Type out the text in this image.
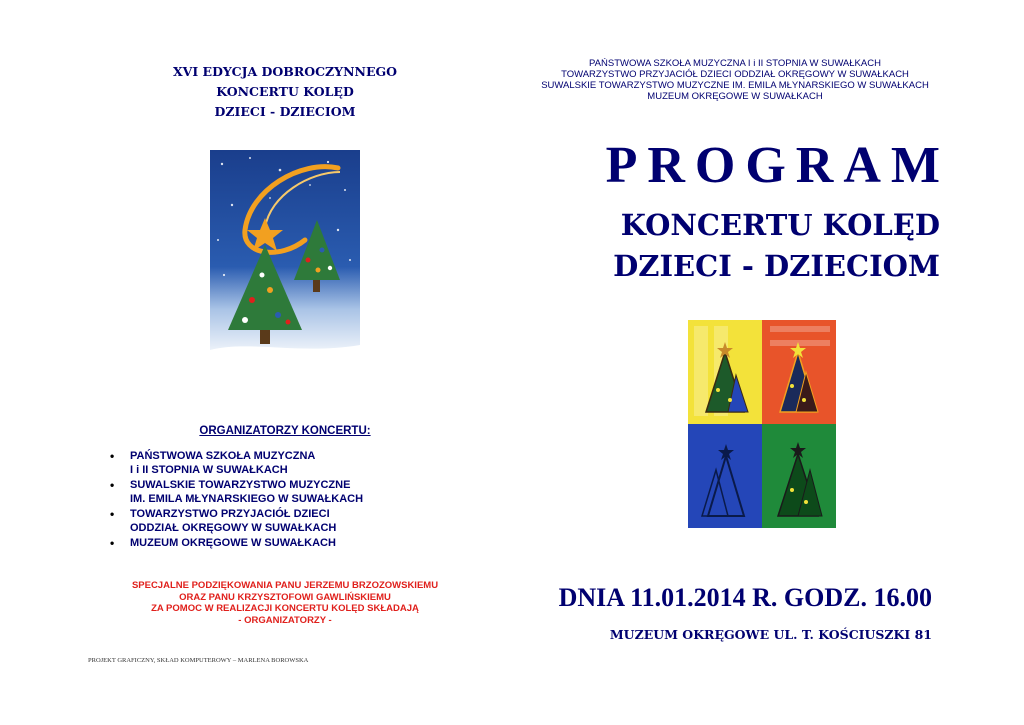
XVI EDYCJA DOBROCZYNNEGO
KONCERTU KOLĘD
DZIECI - DZIECIOM
ORGANIZATORZY KONCERTU:
• PAŃSTWOWA SZKOŁA MUZYCZNA
I i II STOPNIA W SUWAŁKACH
• SUWALSKIE TOWARZYSTWO MUZYCZNE
IM. EMILA MŁYNARSKIEGO W SUWAŁKACH
• TOWARZYSTWO PRZYJACIÓŁ DZIECI
ODDZIAŁ OKRĘGOWY W SUWAŁKACH
• MUZEUM OKRĘGOWE W SUWAŁKACH
SPECJALNE PODZIĘKOWANIA PANU JERZEMU BRZOZOWSKIEMU
ORAZ PANU KRZYSZTOFOWI GAWLIŃSKIEMU
ZA POMOC W REALIZACJI KONCERTU KOLĘD SKŁADAJĄ
- ORGANIZATORZY -
PROJEKT GRAFICZNY, SKŁAD KOMPUTEROWY – MARLENA BOROWSKA
PAŃSTWOWA SZKOŁA MUZYCZNA I i II STOPNIA W SUWAŁKACH
TOWARZYSTWO PRZYJACIÓŁ DZIECI ODDZIAŁ OKRĘGOWY W SUWAŁKACH
SUWALSKIE TOWARZYSTWO MUZYCZNE IM. EMILA MŁYNARSKIEGO W SUWAŁKACH
MUZEUM OKRĘGOWE W SUWAŁKACH
PROGRAM
KONCERTU KOLĘD
DZIECI - DZIECIOM
DNIA 11.01.2014 R. GODZ. 16.00
MUZEUM OKRĘGOWE UL. T. KOŚCIUSZKI 81
